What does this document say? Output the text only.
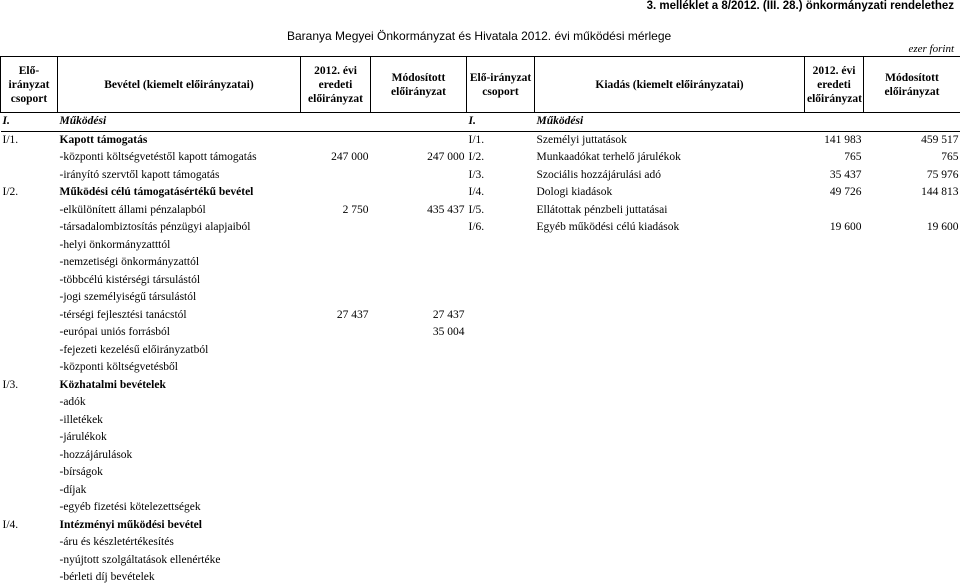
3. melléklet a 8/2012. (III. 28.) önkormányzati rendelethez
Baranya Megyei Önkormányzat és Hivatala 2012. évi működési mérlege
ezer forint
Elő-irányzat csoport	Bevétel (kiemelt előirányzatai)	2012. évi eredeti előirányzat	Módosított előirányzat	Elő-irányzat csoport	Kiadás (kiemelt előirányzatai)	2012. évi eredeti előirányzat	Módosított előirányzat
I.	Működési			I.	Működési		
I/1.	Kapott támogatás			I/1.	Személyi juttatások	141 983	459 517
	-központi költségvetéstől kapott támogatás	247 000	247 000	I/2.	Munkaadókat terhelő járulékok	765	765
	-irányító szervtől kapott támogatás			I/3.	Szociális hozzájárulási adó	35 437	75 976
I/2.	Működési célú támogatásértékű bevétel			I/4.	Dologi kiadások	49 726	144 813
	-elkülönített állami pénzalapból	2 750	435 437	I/5.	Ellátottak pénzbeli juttatásai		
	-társadalombiztosítás pénzügyi alapjaiból			I/6.	Egyéb működési célú kiadások	19 600	19 600
	-helyi önkormányzatttól						
	-nemzetiségi önkormányzattól						
	-többcélú kistérségi társulástól						
	-jogi személyiségű társulástól						
	-térségi fejlesztési tanácstól	27 437	27 437				
	-európai uniós forrásból		35 004				
	-fejezeti kezelésű előirányzatból						
	-központi költségvetésből						
I/3.	Közhatalmi bevételek						
	-adók						
	-illetékek						
	-járulékok						
	-hozzájárulások						
	-bírságok						
	-díjak						
	-egyéb fizetési kötelezettségek						
I/4.	Intézményi működési bevétel						
	-áru és készletértékesítés						
	-nyújtott szolgáltatások ellenértéke						
	-bérleti díj bevételek						
